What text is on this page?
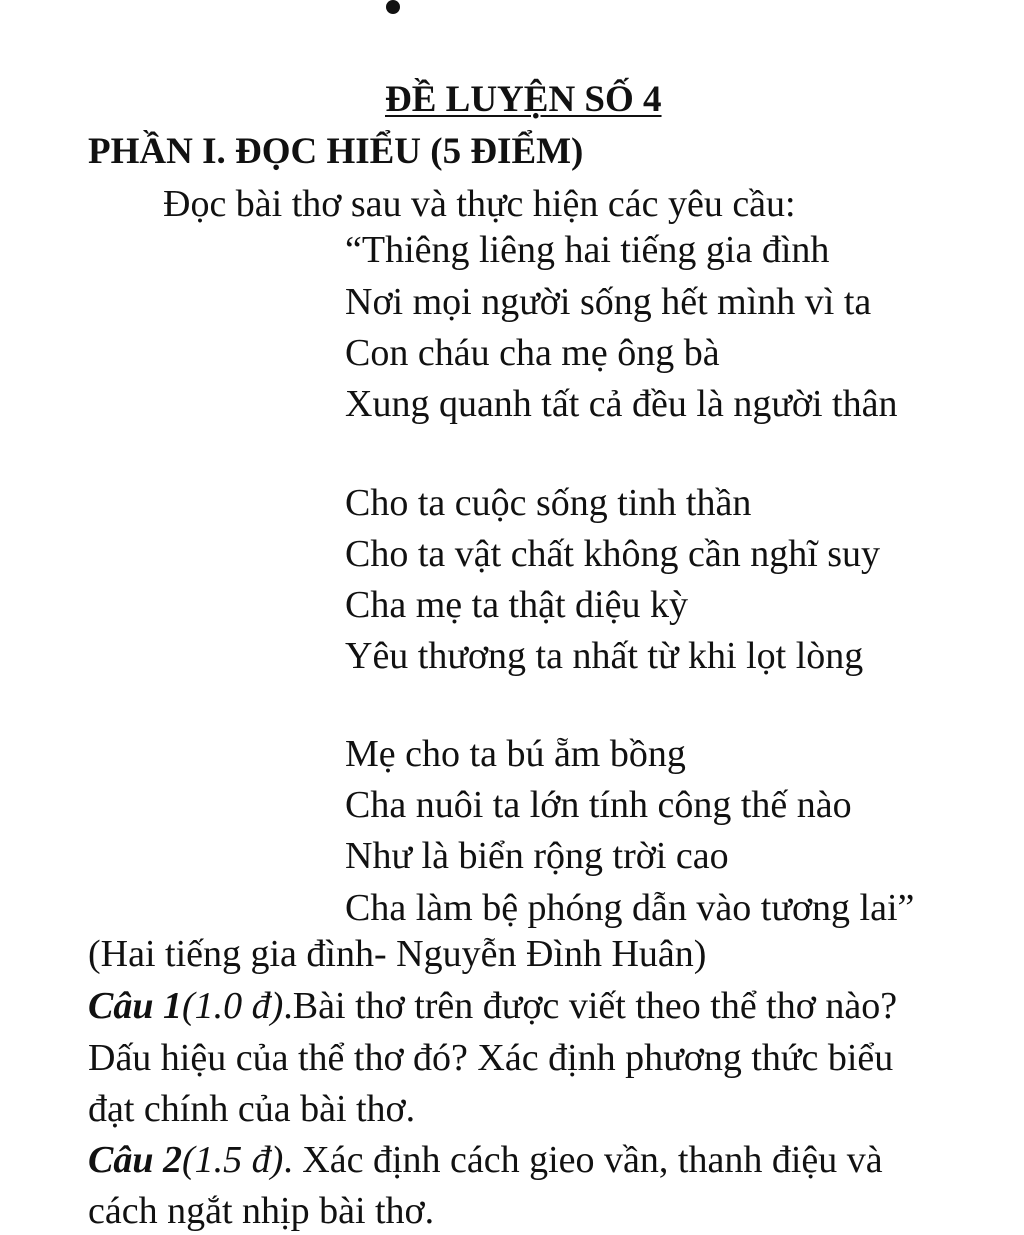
ĐỀ LUYỆN SỐ 4
PHẦN I. ĐỌC HIỂU (5 ĐIỂM)
Đọc bài thơ sau và thực hiện các yêu cầu:
“Thiêng liêng hai tiếng gia đình
Nơi mọi người sống hết mình vì ta
Con cháu cha mẹ ông bà
Xung quanh tất cả đều là người thân
Cho ta cuộc sống tinh thần
Cho ta vật chất không cần nghĩ suy
Cha mẹ ta thật diệu kỳ
Yêu thương ta nhất từ khi lọt lòng
Mẹ cho ta bú ẵm bồng
Cha nuôi ta lớn tính công thế nào
Như là biển rộng trời cao
Cha làm bệ phóng dẫn vào tương lai”
(Hai tiếng gia đình- Nguyễn Đình Huân)
Câu 1(1.0 đ).Bài thơ trên được viết theo thể thơ nào?
Dấu hiệu của thể thơ đó? Xác định phương thức biểu
đạt chính của bài thơ.
Câu 2(1.5 đ). Xác định cách gieo vần, thanh điệu và
cách ngắt nhịp bài thơ.
